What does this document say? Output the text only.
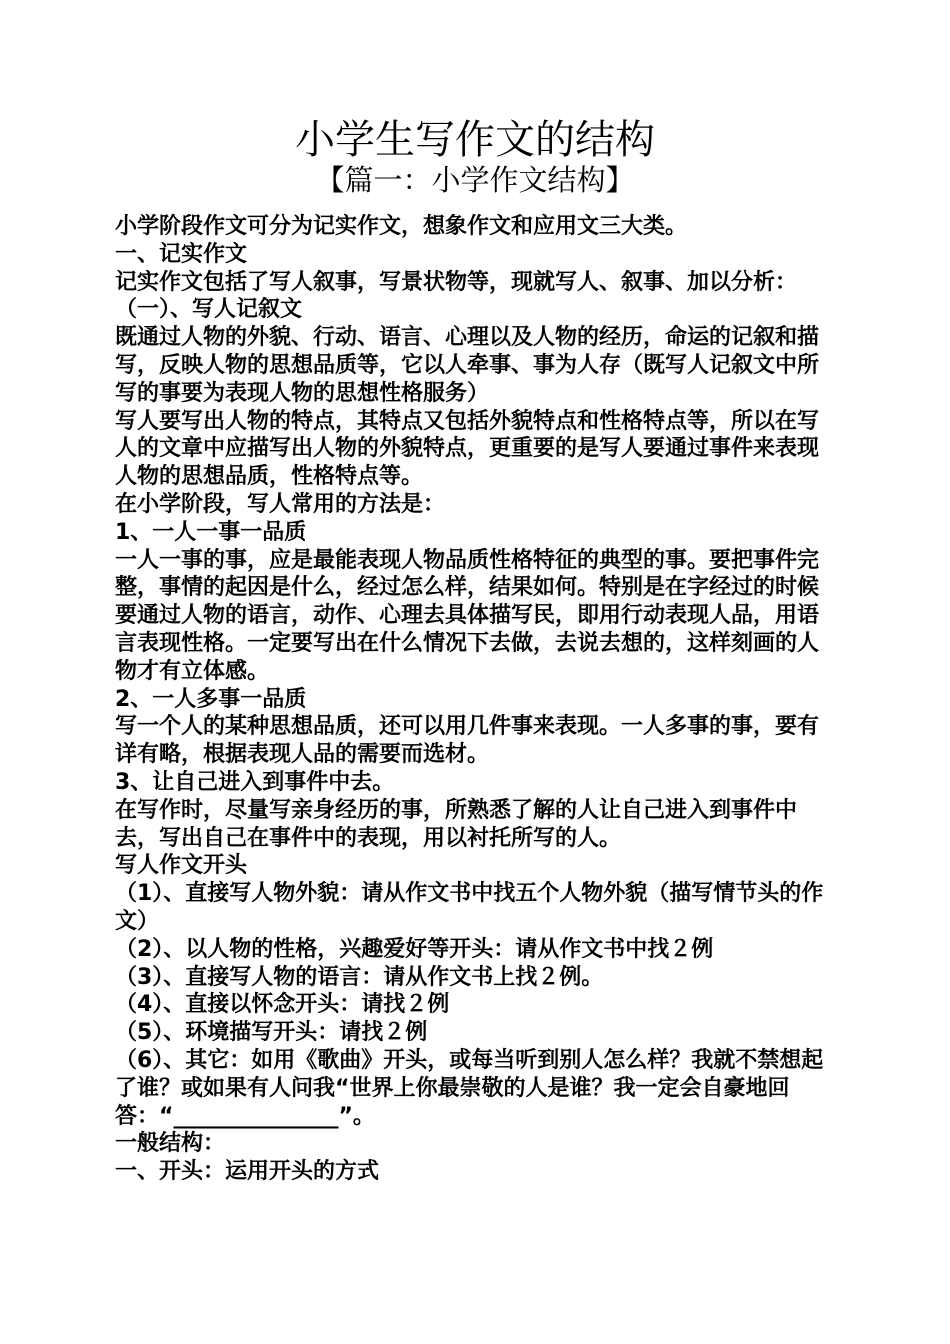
小学生写作文的结构
【篇一：小学作文结构】

小学阶段作文可分为记实作文，想象作文和应用文三大类。

一、记实作文

记实作文包括了写人叙事，写景状物等，现就写人、叙事、加以分析：

（一）、写人记叙文

既通过人物的外貌、行动、语言、心理以及人物的经历，命运的记叙和描写，反映人物的思想品质等，它以人牵事、事为人存（既写人记叙文中所写的事要为表现人物的思想性格服务）

写人要写出人物的特点，其特点又包括外貌特点和性格特点等，所以在写人的文章中应描写出人物的外貌特点，更重要的是写人要通过事件来表现人物的思想品质，性格特点等。

在小学阶段，写人常用的方法是：

1、一人一事一品质

一人一事的事，应是最能表现人物品质性格特征的典型的事。要把事件完整，事情的起因是什么，经过怎么样，结果如何。特别是在字经过的时候要通过人物的语言，动作、心理去具体描写民，即用行动表现人品，用语言表现性格。一定要写出在什么情况下去做，去说去想的，这样刻画的人物才有立体感。

2、一人多事一品质

写一个人的某种思想品质，还可以用几件事来表现。一人多事的事，要有详有略，根据表现人品的需要而选材。

3、让自己进入到事件中去。

在写作时，尽量写亲身经历的事，所熟悉了解的人让自己进入到事件中去，写出自己在事件中的表现，用以衬托所写的人。

写人作文开头

（1）、直接写人物外貌：请从作文书中找五个人物外貌（描写情节头的作文）

（2）、以人物的性格，兴趣爱好等开头：请从作文书中找２例

（3）、直接写人物的语言：请从作文书上找２例。

（4）、直接以怀念开头：请找２例

（5）、环境描写开头：请找２例

（6）、其它：如用《歌曲》开头，或每当听到别人怎么样？我就不禁想起了谁？或如果有人问我“世界上你最崇敬的人是谁？我一定会自豪地回答：“_______________”。

一般结构：

一、开头：运用开头的方式
